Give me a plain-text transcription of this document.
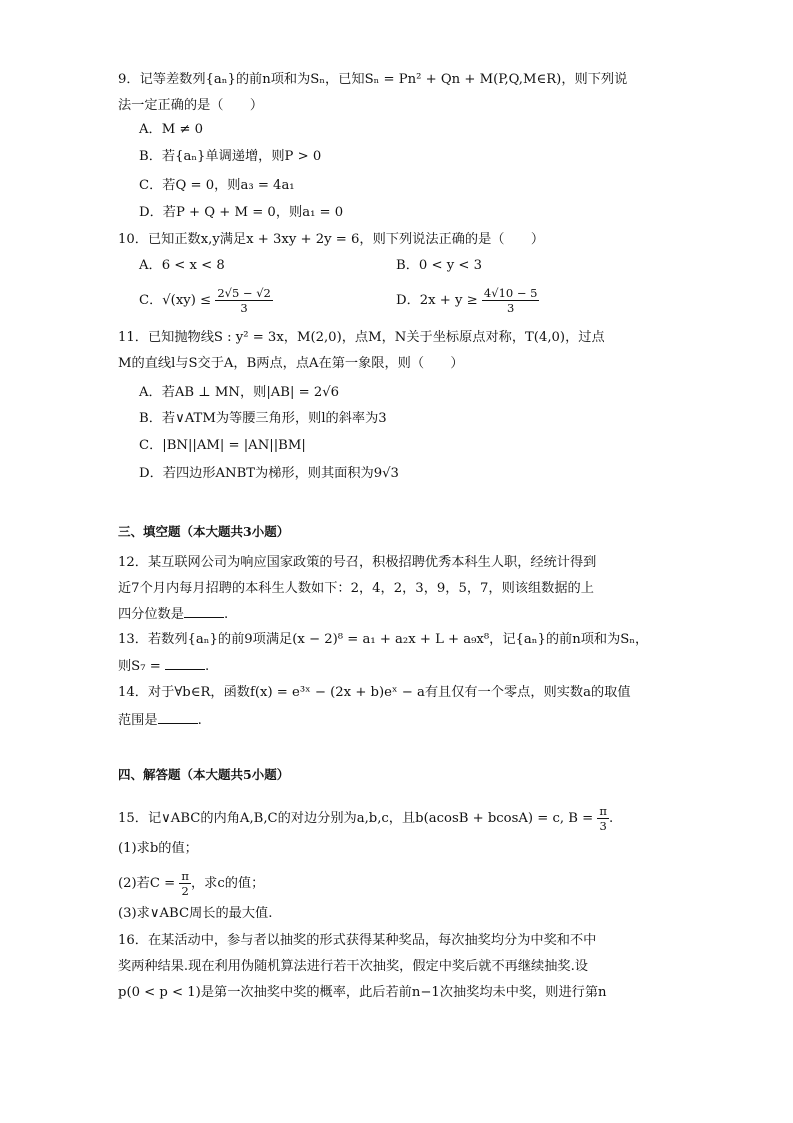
9．记等差数列{aₙ}的前n项和为Sₙ，已知Sₙ = Pn² + Qn + M(P,Q,M∈R)，则下列说
法一定正确的是（　　）
A．M ≠ 0
B．若{aₙ}单调递增，则P > 0
C．若Q = 0，则a₃ = 4a₁
D．若P + Q + M = 0，则a₁ = 0
10．已知正数x,y满足x + 3xy + 2y = 6，则下列说法正确的是（　　）
A．6 < x < 8	B．0 < y < 3
C．$√(xy) \le \frac{2√5 - √2}{3}$	D．$2x + y \ge \frac{4√10 - 5}{3}$
11．已知抛物线S : y² = 3x，M(2,0)，点M，N关于坐标原点对称，T(4,0)，过点
M的直线l与S交于A，B两点，点A在第一象限，则（　　）
A．若AB ⊥ MN，则|AB| = 2√6
B．若∨ATM为等腰三角形，则l的斜率为3
C．|BN||AM| = |AN||BM|
D．若四边形ANBT为梯形，则其面积为9√3
三、填空题（本大题共3小题）
12．某互联网公司为响应国家政策的号召，积极招聘优秀本科生人职，经统计得到
近7个月内每月招聘的本科生人数如下：2，4，2，3，9，5，7，则该组数据的上
四分位数是	.
13．若数列{aₙ}的前9项满足(x − 2)⁸ = a₁ + a₂x + L + a₉x⁸，记{aₙ}的前n项和为Sₙ，
则S₇ =	.
14．对于∀b∈R，函数f(x) = e³ˣ − (2x + b)eˣ − a有且仅有一个零点，则实数a的取值
范围是	.
四、解答题（本大题共5小题）
15．记∨ABC的内角A,B,C的对边分别为a,b,c，且b(acosB + bcosA) = c, $B = \frac{\pi}{3}$ .
(1)求b的值；
(2)若$C = \frac{\pi}{2}$ ，求c的值；
(3)求∨ABC周长的最大值.
16．在某活动中，参与者以抽奖的形式获得某种奖品，每次抽奖均分为中奖和不中
奖两种结果.现在利用伪随机算法进行若干次抽奖，假定中奖后就不再继续抽奖.设
p(0 < p < 1)是第一次抽奖中奖的概率，此后若前n−1次抽奖均未中奖，则进行第n
